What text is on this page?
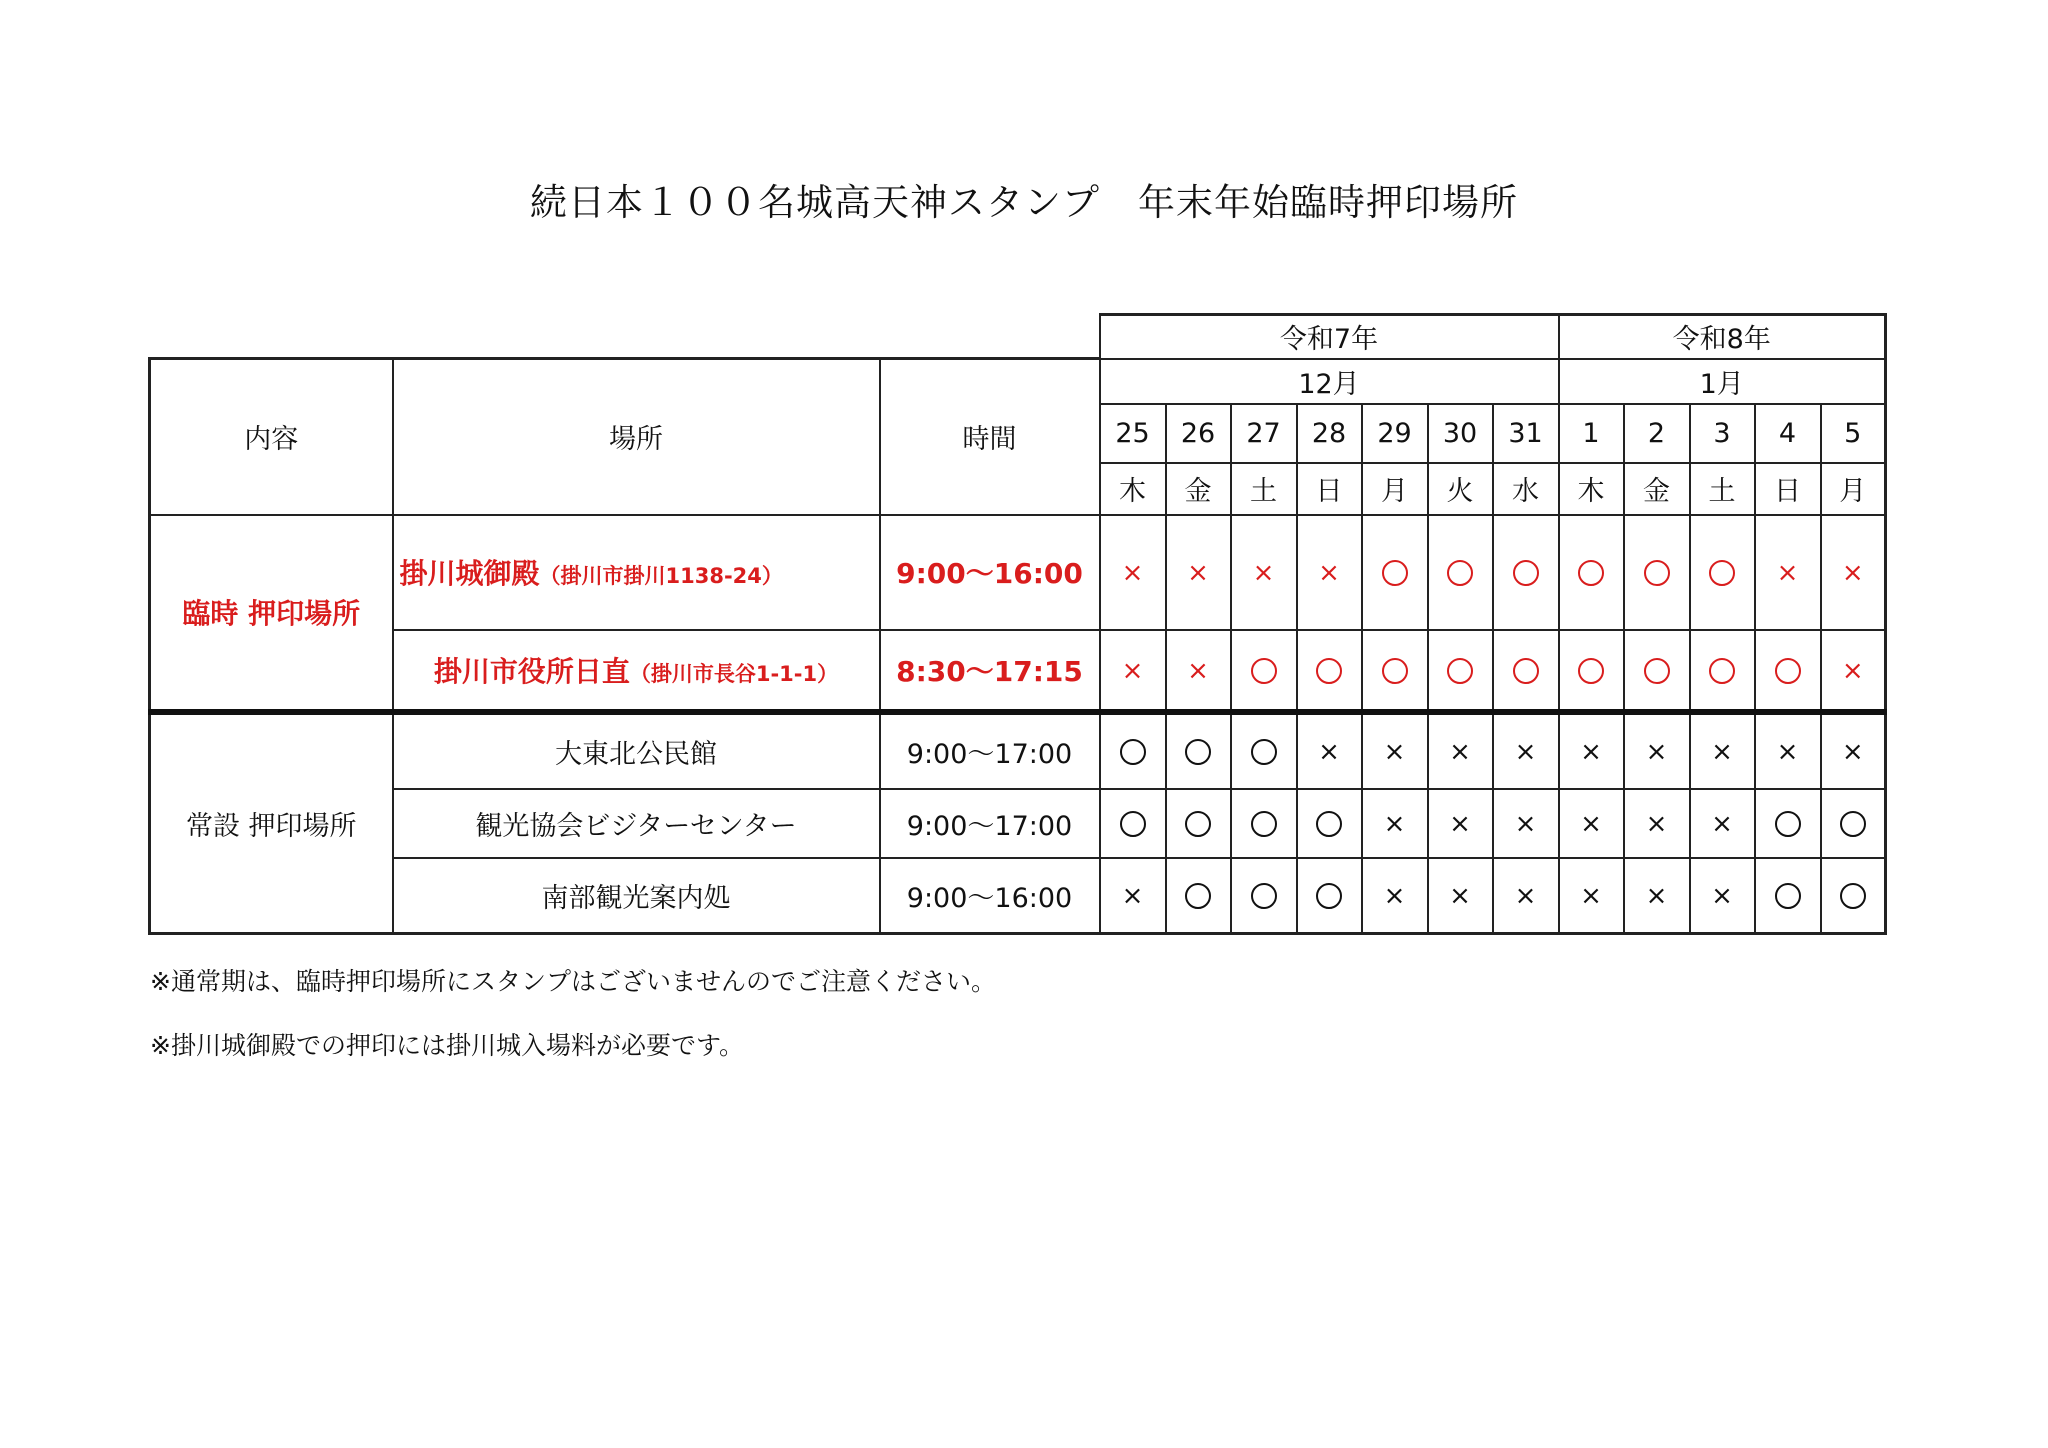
続日本１００名城高天神スタンプ　年末年始臨時押印場所
			令和7年							令和8年				
内容	場所	時間	12月							1月				
			25	26	27	28	29	30	31	1	2	3	4	5
			木	金	土	日	月	火	水	木	金	土	日	月
臨時 押印場所	掛川城御殿（掛川市掛川1138-24）	9:00～16:00	×	×	×	×							×	×
	掛川市役所日直（掛川市長谷1-1-1）	8:30～17:15	×	×										×
常設 押印場所	大東北公民館	9:00～17:00				×	×	×	×	×	×	×	×	×
	観光協会ビジターセンター	9:00～17:00					×	×	×	×	×	×		
	南部観光案内処	9:00～16:00	×				×	×	×	×	×	×		
※通常期は、臨時押印場所にスタンプはございませんのでご注意ください。
※掛川城御殿での押印には掛川城入場料が必要です。
